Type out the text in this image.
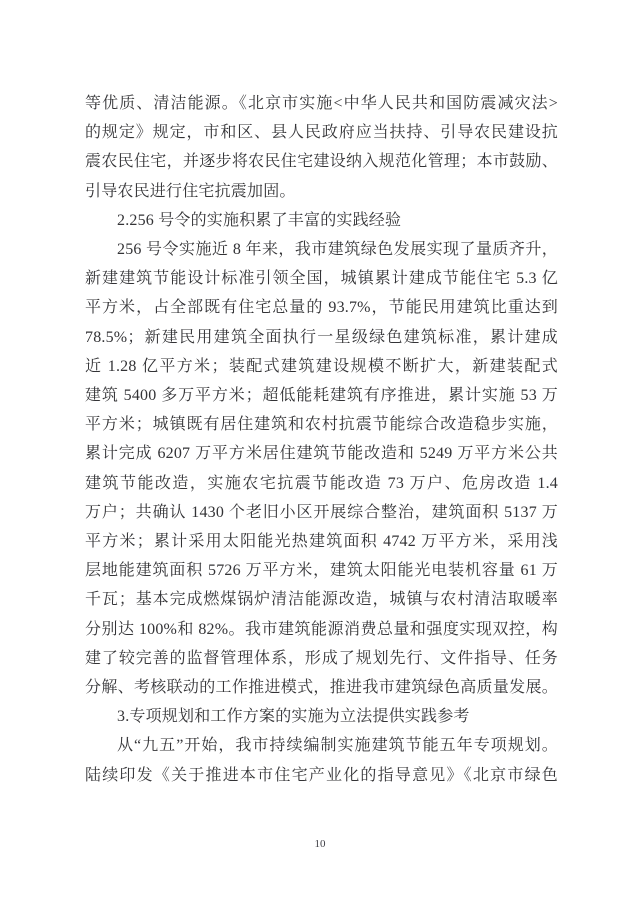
等优质、清洁能源。《北京市实施<中华人民共和国防震减灾法>
的规定》规定，市和区、县人民政府应当扶持、引导农民建设抗
震农民住宅，并逐步将农民住宅建设纳入规范化管理；本市鼓励、
引导农民进行住宅抗震加固。
2.256 号令的实施积累了丰富的实践经验
256 号令实施近 8 年来，我市建筑绿色发展实现了量质齐升，
新建建筑节能设计标准引领全国，城镇累计建成节能住宅 5.3 亿
平方米，占全部既有住宅总量的 93.7%，节能民用建筑比重达到
78.5%；新建民用建筑全面执行一星级绿色建筑标准，累计建成
近 1.28 亿平方米；装配式建筑建设规模不断扩大，新建装配式
建筑 5400 多万平方米；超低能耗建筑有序推进，累计实施 53 万
平方米；城镇既有居住建筑和农村抗震节能综合改造稳步实施，
累计完成 6207 万平方米居住建筑节能改造和 5249 万平方米公共
建筑节能改造，实施农宅抗震节能改造 73 万户、危房改造 1.4
万户；共确认 1430 个老旧小区开展综合整治，建筑面积 5137 万
平方米；累计采用太阳能光热建筑面积 4742 万平方米，采用浅
层地能建筑面积 5726 万平方米，建筑太阳能光电装机容量 61 万
千瓦；基本完成燃煤锅炉清洁能源改造，城镇与农村清洁取暖率
分别达 100%和 82%。我市建筑能源消费总量和强度实现双控，构
建了较完善的监督管理体系，形成了规划先行、文件指导、任务
分解、考核联动的工作推进模式，推进我市建筑绿色高质量发展。
3.专项规划和工作方案的实施为立法提供实践参考
从“九五”开始，我市持续编制实施建筑节能五年专项规划。
陆续印发《关于推进本市住宅产业化的指导意见》《北京市绿色
10
